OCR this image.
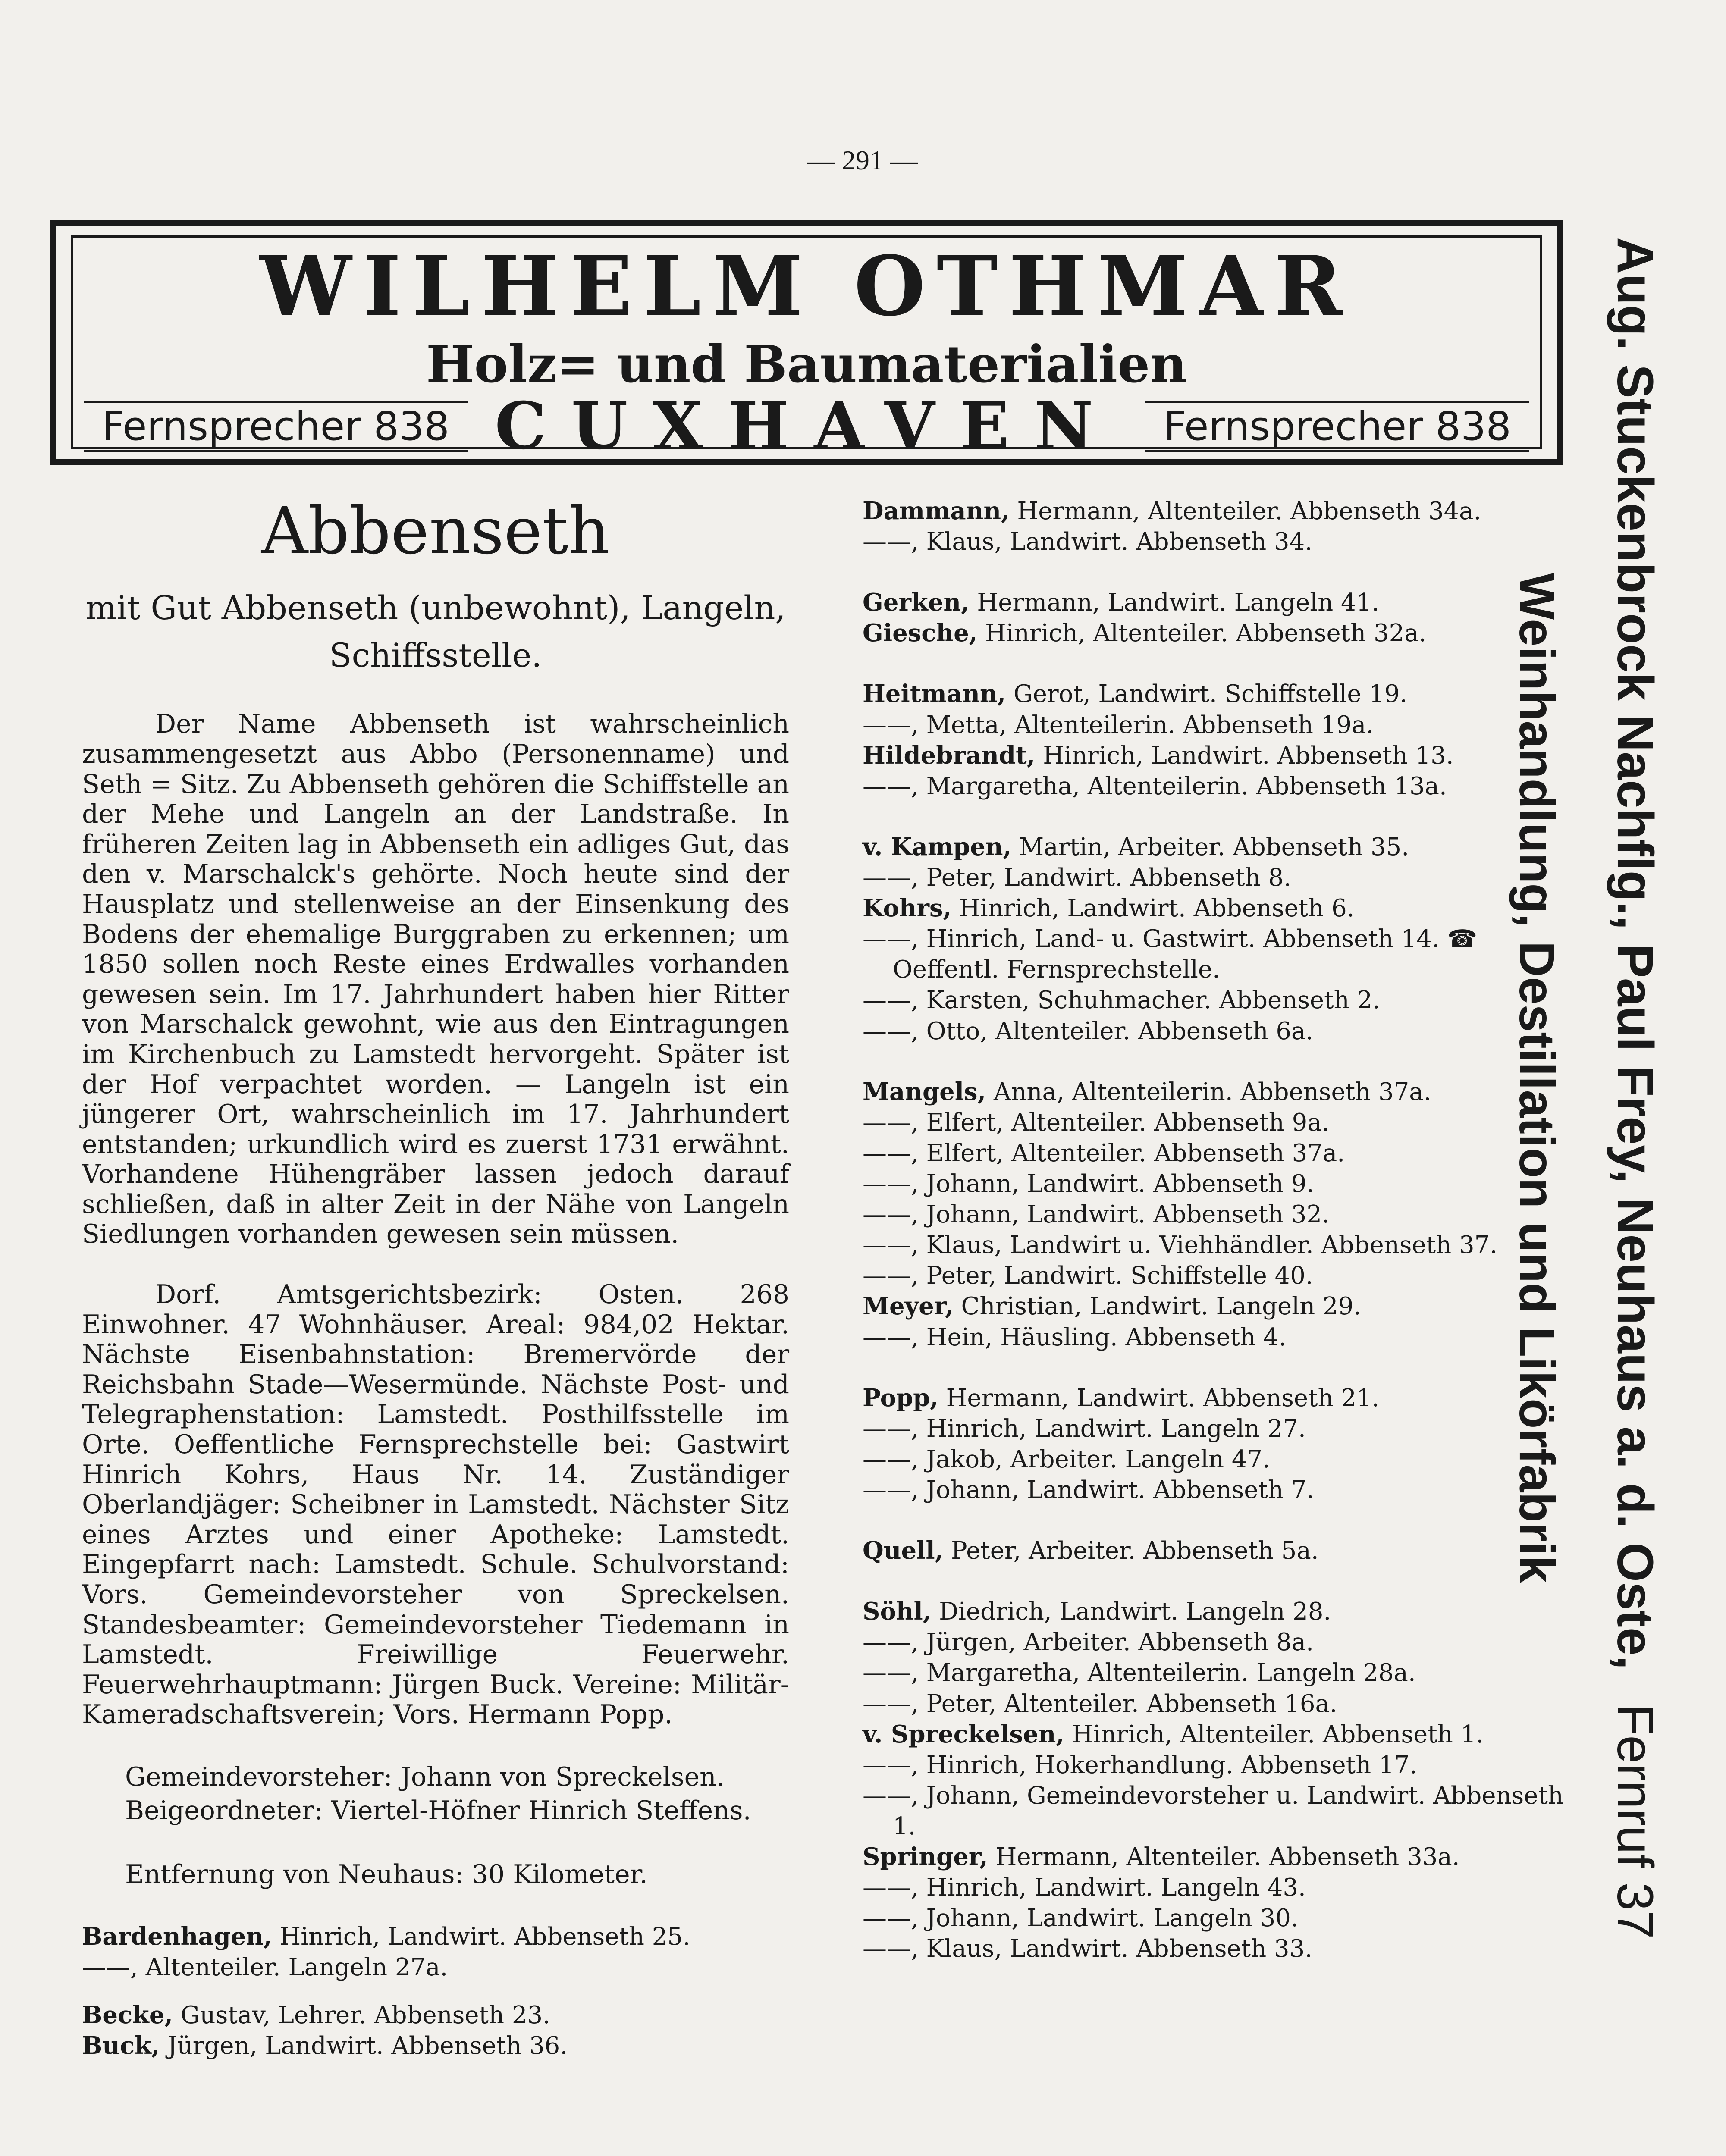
— 291 —
WILHELM OTHMAR
Holz= und Baumaterialien
Fernsprecher 838 CUXHAVEN	Fernsprecher 838
Abbenseth
mit Gut Abbenseth (unbewohnt), Langeln, Schiffsstelle.

Der Name Abbenseth ist wahrscheinlich zusammengesetzt aus Abbo (Personenname) und Seth = Sitz. Zu Abbenseth gehören die Schiffstelle an der Mehe und Langeln an der Landstraße. In früheren Zeiten lag in Abbenseth ein adliges Gut, das den v. Marschalck's gehörte. Noch heute sind der Hausplatz und stellenweise an der Einsenkung des Bodens der ehemalige Burggraben zu erkennen; um 1850 sollen noch Reste eines Erdwalles vorhanden gewesen sein. Im 17. Jahrhundert haben hier Ritter von Marschalck gewohnt, wie aus den Eintragungen im Kirchenbuch zu Lamstedt hervorgeht. Später ist der Hof verpachtet worden. — Langeln ist ein jüngerer Ort, wahrscheinlich im 17. Jahrhundert entstanden; urkundlich wird es zuerst 1731 erwähnt. Vorhandene Hühengräber lassen jedoch darauf schließen, daß in alter Zeit in der Nähe von Langeln Siedlungen vorhanden gewesen sein müssen.

Dorf. Amtsgerichtsbezirk: Osten. 268 Einwohner. 47 Wohnhäuser. Areal: 984,02 Hektar. Nächste Eisenbahnstation: Bremervörde der Reichsbahn Stade—Wesermünde. Nächste Post- und Telegraphenstation: Lamstedt. Posthilfsstelle im Orte. Oeffentliche Fernsprechstelle bei: Gastwirt Hinrich Kohrs, Haus Nr. 14. Zuständiger Oberlandjäger: Scheibner in Lamstedt. Nächster Sitz eines Arztes und einer Apotheke: Lamstedt. Eingepfarrt nach: Lamstedt. Schule. Schulvorstand: Vors. Gemeindevorsteher von Spreckelsen. Standesbeamter: Gemeindevorsteher Tiedemann in Lamstedt. Freiwillige Feuerwehr. Feuerwehrhauptmann: Jürgen Buck. Vereine: Militär-Kameradschaftsverein; Vors. Hermann Popp.

Gemeindevorsteher: Johann von Spreckelsen.
Beigeordneter: Viertel-Höfner Hinrich Steffens.
Entfernung von Neuhaus: 30 Kilometer.
Bardenhagen, Hinrich, Landwirt. Abbenseth 25.
——, Altenteiler. Langeln 27a.
Becke, Gustav, Lehrer. Abbenseth 23.
Buck, Jürgen, Landwirt. Abbenseth 36.
Dammann, Hermann, Altenteiler. Abbenseth 34a.
——, Klaus, Landwirt. Abbenseth 34.
Gerken, Hermann, Landwirt. Langeln 41.
Giesche, Hinrich, Altenteiler. Abbenseth 32a.
Heitmann, Gerot, Landwirt. Schiffstelle 19.
——, Metta, Altenteilerin. Abbenseth 19a.
Hildebrandt, Hinrich, Landwirt. Abbenseth 13.
——, Margaretha, Altenteilerin. Abbenseth 13a.
v. Kampen, Martin, Arbeiter. Abbenseth 35.
——, Peter, Landwirt. Abbenseth 8.
Kohrs, Hinrich, Landwirt. Abbenseth 6.
——, Hinrich, Land- u. Gastwirt. Abbenseth 14. ☎ Oeffentl. Fernsprechstelle.
——, Karsten, Schuhmacher. Abbenseth 2.
——, Otto, Altenteiler. Abbenseth 6a.
Mangels, Anna, Altenteilerin. Abbenseth 37a.
——, Elfert, Altenteiler. Abbenseth 9a.
——, Elfert, Altenteiler. Abbenseth 37a.
——, Johann, Landwirt. Abbenseth 9.
——, Johann, Landwirt. Abbenseth 32.
——, Klaus, Landwirt u. Viehhändler. Abbenseth 37.
——, Peter, Landwirt. Schiffstelle 40.
Meyer, Christian, Landwirt. Langeln 29.
——, Hein, Häusling. Abbenseth 4.
Popp, Hermann, Landwirt. Abbenseth 21.
——, Hinrich, Landwirt. Langeln 27.
——, Jakob, Arbeiter. Langeln 47.
——, Johann, Landwirt. Abbenseth 7.
Quell, Peter, Arbeiter. Abbenseth 5a.
Söhl, Diedrich, Landwirt. Langeln 28.
——, Jürgen, Arbeiter. Abbenseth 8a.
——, Margaretha, Altenteilerin. Langeln 28a.
——, Peter, Altenteiler. Abbenseth 16a.
v. Spreckelsen, Hinrich, Altenteiler. Abbenseth 1.
——, Hinrich, Hokerhandlung. Abbenseth 17.
——, Johann, Gemeindevorsteher u. Landwirt. Abbenseth 1.
Springer, Hermann, Altenteiler. Abbenseth 33a.
——, Hinrich, Landwirt. Langeln 43.
——, Johann, Landwirt. Langeln 30.
——, Klaus, Landwirt. Abbenseth 33.
Weinhandlung, Destillation und Likörfabrik Aug. Stuckenbrock Nachflg., Paul Frey, Neuhaus a. d. Oste,Fernruf 37
